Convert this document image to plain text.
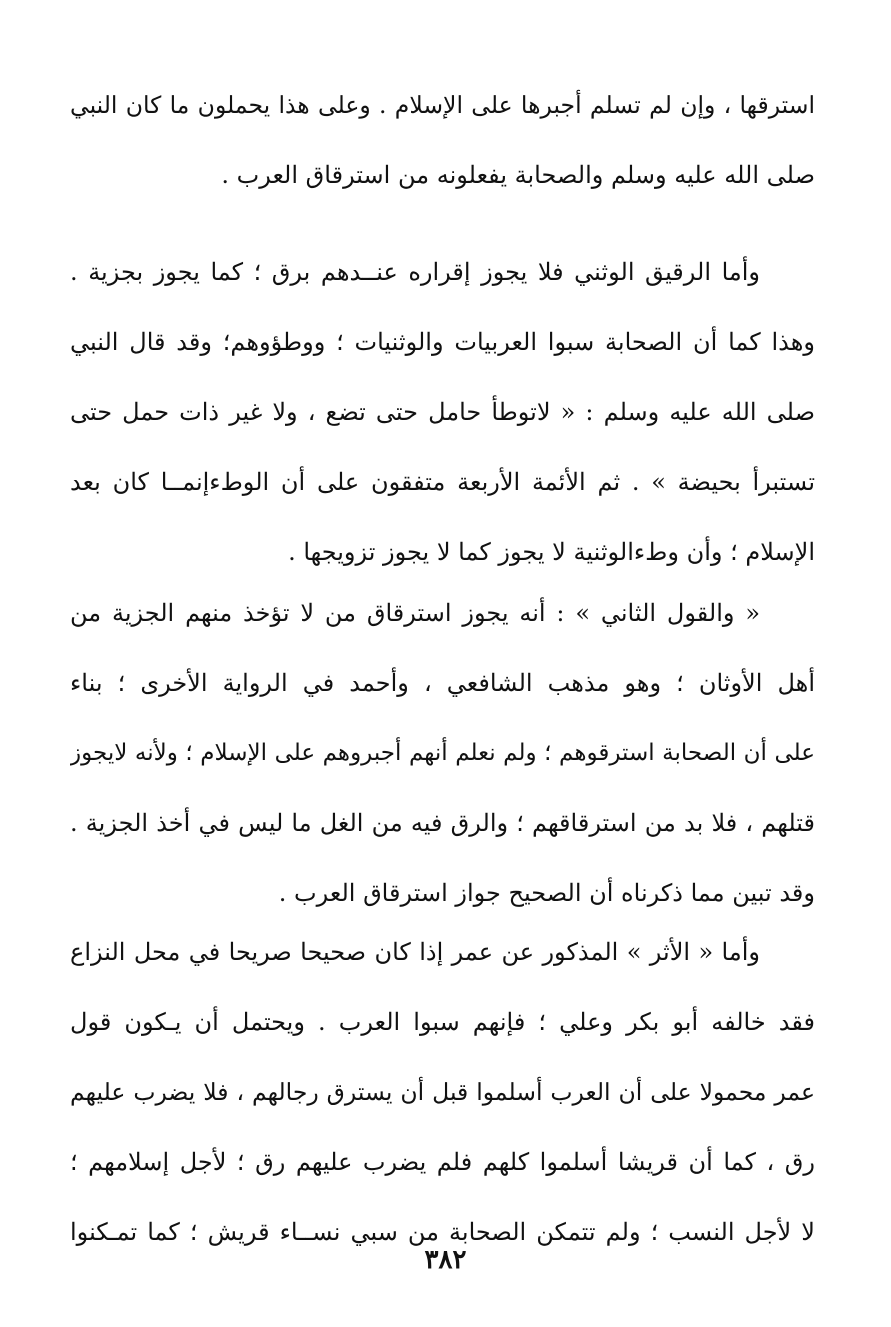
استرقها ، وإن لم تسلم أجبرها على الإسلام . وعلى هذا يحملون ما كان النبي
صلى الله عليه وسلم والصحابة يفعلونه من استرقاق العرب .
وأما الرقيق الوثني فلا يجوز إقراره عنــدهم برق ؛ كما يجوز بجزية .
وهذا كما أن الصحابة سبوا العربيات والوثنيات ؛ ووطؤوهم؛ وقد قال النبي
صلى الله عليه وسلم : « لاتوطأ حامل حتى تضع ، ولا غير ذات حمل حتى
تستبرأ بحيضة » . ثم الأئمة الأربعة متفقون على أن الوطءإنمــا كان بعد
الإسلام ؛ وأن وطءالوثنية لا يجوز كما لا يجوز تزويجها .
« والقول الثاني » : أنه يجوز استرقاق من لا تؤخذ منهم الجزية من
أهل الأوثان ؛ وهو مذهب الشافعي ، وأحمد في الرواية الأخرى ؛ بناء
على أن الصحابة استرقوهم ؛ ولم نعلم أنهم أجبروهم على الإسلام ؛ ولأنه لايجوز
قتلهم ، فلا بد من استرقاقهم ؛ والرق فيه من الغل ما ليس في أخذ الجزية .
وقد تبين مما ذكرناه أن الصحيح جواز استرقاق العرب .
وأما « الأثر » المذكور عن عمر إذا كان صحيحا صريحا في محل النزاع
فقد خالفه أبو بكر وعلي ؛ فإنهم سبوا العرب . ويحتمل أن يـكون قول
عمر محمولا على أن العرب أسلموا قبل أن يسترق رجالهم ، فلا يضرب عليهم
رق ، كما أن قريشا أسلموا كلهم فلم يضرب عليهم رق ؛ لأجل إسلامهم ؛
لا لأجل النسب ؛ ولم تتمكن الصحابة من سبي نســاء قريش ؛ كما تمـكنوا
٣٨٢
